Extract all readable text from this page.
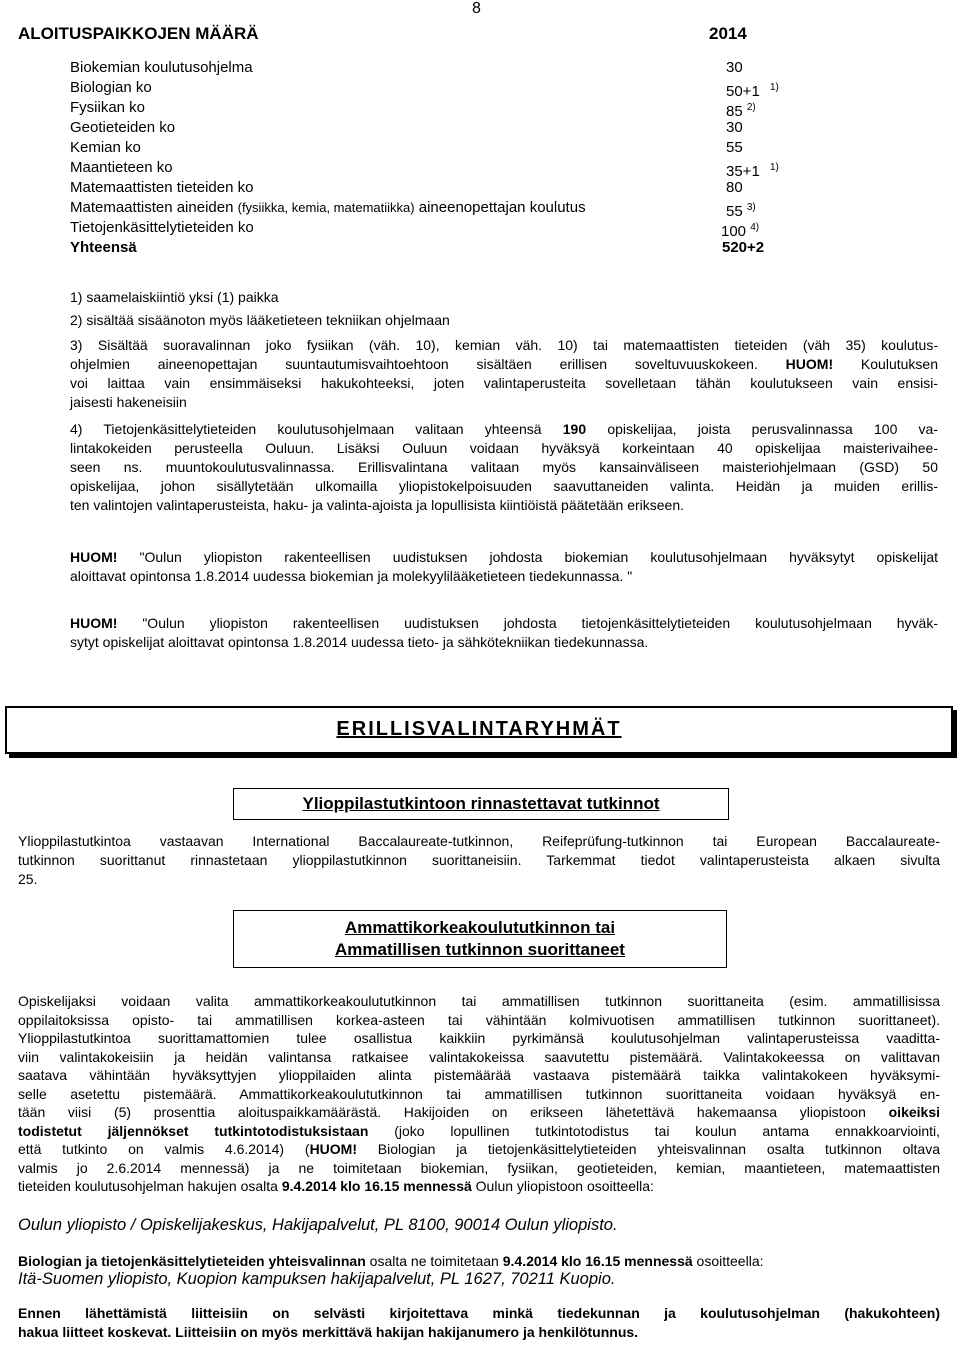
8
ALOITUSPAIKKOJEN MÄÄRÄ	2014
Biokemian koulutusohjelma	30
Biologian ko	50+1 $^{1)}$
Fysiikan ko	85 $^{2)}$
Geotieteiden ko	30
Kemian ko	55
Maantieteen ko	35+1 $^{1)}$
Matemaattisten tieteiden ko	80
Matemaattisten aineiden (fysiikka, kemia, matematiikka) aineenopettajan koulutus	55 $^{3)}$
Tietojenkäsittelytieteiden ko	100 $^{4)}$
Yhteensä	520+2
1) saamelaiskiintiö yksi (1) paikka
2) sisältää sisäänoton myös lääketieteen tekniikan ohjelmaan
3) Sisältää suoravalinnan joko fysiikan (väh. 10), kemian väh. 10) tai matemaattisten tieteiden (väh 35) koulutus-
ohjelmien aineenopettajan suuntautumisvaihtoehtoon sisältäen erillisen soveltuvuuskokeen. HUOM! Koulutuksen
voi laittaa vain ensimmäiseksi hakukohteeksi, joten valintaperusteita sovelletaan tähän koulutukseen vain ensisi-
jaisesti hakeneisiin
4) Tietojenkäsittelytieteiden koulutusohjelmaan valitaan yhteensä 190 opiskelijaa, joista perusvalinnassa 100 va-
lintakokeiden perusteella Ouluun. Lisäksi Ouluun voidaan hyväksyä korkeintaan 40 opiskelijaa maisterivaihee-
seen ns. muuntokoulutusvalinnassa. Erillisvalintana valitaan myös kansainväliseen maisteriohjelmaan (GSD) 50
opiskelijaa, johon sisällytetään ulkomailla yliopistokelpoisuuden saavuttaneiden valinta. Heidän ja muiden erillis-
ten valintojen valintaperusteista, haku- ja valinta-ajoista ja lopullisista kiintiöistä päätetään erikseen.
HUOM! "Oulun yliopiston rakenteellisen uudistuksen johdosta biokemian koulutusohjelmaan hyväksytyt opiskelijat
aloittavat opintonsa 1.8.2014 uudessa biokemian ja molekyylilääketieteen tiedekunnassa. "
HUOM! "Oulun yliopiston rakenteellisen uudistuksen johdosta tietojenkäsittelytieteiden koulutusohjelmaan hyväk-
sytyt opiskelijat aloittavat opintonsa 1.8.2014 uudessa tieto- ja sähkötekniikan tiedekunnassa.
ERILLISVALINTARYHMÄT
Ylioppilastutkintoon rinnastettavat tutkinnot
Ylioppilastutkintoa vastaavan International Baccalaureate-tutkinnon, Reifeprüfung-tutkinnon tai European Baccalaureate-
tutkinnon suorittanut rinnastetaan ylioppilastutkinnon suorittaneisiin. Tarkemmat tiedot valintaperusteista alkaen sivulta
25.
Ammattikorkeakoulututkinnon tai
Ammatillisen tutkinnon suorittaneet
Opiskelijaksi voidaan valita ammattikorkeakoulututkinnon tai ammatillisen tutkinnon suorittaneita (esim. ammatillisissa
oppilaitoksissa opisto- tai ammatillisen korkea-asteen tai vähintään kolmivuotisen ammatillisen tutkinnon suorittaneet).
Ylioppilastutkintoa suorittamattomien tulee osallistua kaikkiin pyrkimänsä koulutusohjelman valintaperusteissa vaadittа-
viin valintakokeisiin ja heidän valintansa ratkaisee valintakokeissa saavutettu pistemäärä. Valintakokeessa on valittavan
saatava vähintään hyväksyttyjen ylioppilaiden alinta pistemäärää vastaava pistemäärä taikka valintakokeen hyväksymi-
selle asetettu pistemäärä. Ammattikorkeakoulututkinnon tai ammatillisen tutkinnon suorittaneita voidaan hyväksyä en-
tään viisi (5) prosenttia aloituspaikkamäärästä. Hakijoiden on erikseen lähetettävä hakemaansa yliopistoon oikeiksi
todistetut jäljennökset tutkintotodistuksistaan (joko lopullinen tutkintotodistus tai koulun antama ennakkoarviointi,
että tutkinto on valmis 4.6.2014) (HUOM! Biologian ja tietojenkäsittelytieteiden yhteisvalinnan osalta tutkinnon oltava
valmis jo 2.6.2014 mennessä) ja ne toimitetaan biokemian, fysiikan, geotieteiden, kemian, maantieteen, matemaattisten
tieteiden koulutusohjelman hakujen osalta 9.4.2014 klo 16.15 mennessä Oulun yliopistoon osoitteella:
Oulun yliopisto / Opiskelijakeskus, Hakijapalvelut, PL 8100, 90014 Oulun yliopisto.
Biologian ja tietojenkäsittelytieteiden yhteisvalinnan osalta ne toimitetaan 9.4.2014 klo 16.15 mennessä osoitteella:
Itä-Suomen yliopisto, Kuopion kampuksen hakijapalvelut, PL 1627, 70211 Kuopio.
Ennen lähettämistä liitteisiin on selvästi kirjoitettava minkä tiedekunnan ja koulutusohjelman (hakukohteen)
hakua liitteet koskevat. Liitteisiin on myös merkittävä hakijan hakijanumero ja henkilötunnus.
